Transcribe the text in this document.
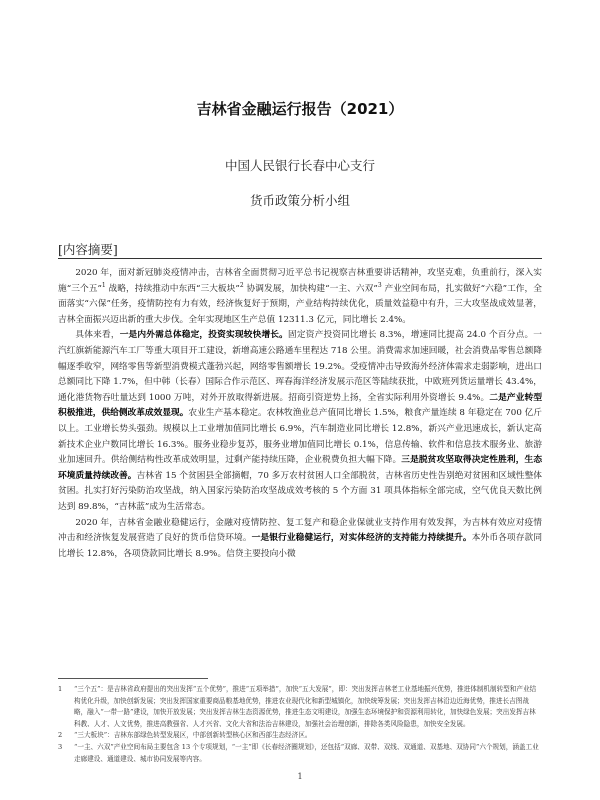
吉林省金融运行报告（2021）
中国人民银行长春中心支行
货币政策分析小组
[内容摘要]

2020 年，面对新冠肺炎疫情冲击，吉林省全面贯彻习近平总书记视察吉林重要讲话精神，攻坚克难，负重前行，深入实施“三个五”$^1$ 战略，持续推动中东西“三大板块”$^2$ 协调发展，加快构建“一主、六双”$^3$ 产业空间布局，扎实做好“六稳”工作，全面落实“六保”任务，疫情防控有力有效，经济恢复好于预期，产业结构持续优化，质量效益稳中有升，三大攻坚战成效显著，吉林全面振兴迈出新的重大步伐。全年实现地区生产总值 12311.3 亿元，同比增长 2.4%。

具体来看，一是内外需总体稳定，投资实现较快增长。固定资产投资同比增长 8.3%，增速同比提高 24.0 个百分点。一汽红旗新能源汽车工厂等重大项目开工建设，新增高速公路通车里程达 718 公里。消费需求加速回暖，社会消费品零售总额降幅逐季收窄，网络零售等新型消费模式蓬勃兴起，网络零售额增长 19.2%。受疫情冲击导致海外经济体需求走弱影响，进出口总额同比下降 1.7%，但中韩（长春）国际合作示范区、珲春海洋经济发展示范区等陆续获批，中欧班列货运量增长 43.4%，通化港货物吞吐量达到 1000 万吨，对外开放取得新进展。招商引资逆势上扬，全省实际利用外资增长 9.4%。二是产业转型积极推进，供给侧改革成效显现。农业生产基本稳定。农林牧渔业总产值同比增长 1.5%，粮食产量连续 8 年稳定在 700 亿斤以上。工业增长势头强劲。规模以上工业增加值同比增长 6.9%，汽车制造业同比增长 12.8%，新兴产业迅速成长，新认定高新技术企业户数同比增长 16.3%。服务业稳步复苏，服务业增加值同比增长 0.1%，信息传输、软件和信息技术服务业、旅游业加速回升。供给侧结构性改革成效明显，过剩产能持续压降，企业税费负担大幅下降。三是脱贫攻坚取得决定性胜利，生态环境质量持续改善。吉林省 15 个贫困县全部摘帽，70 多万农村贫困人口全部脱贫，吉林省历史性告别绝对贫困和区域性整体贫困。扎实打好污染防治攻坚战，纳入国家污染防治攻坚战成效考核的 5 个方面 31 项具体指标全部完成，空气优良天数比例达到 89.8%，“吉林蓝”成为生活常态。

2020 年，吉林省金融业稳健运行，金融对疫情防控、复工复产和稳企业保就业支持作用有效发挥，为吉林有效应对疫情冲击和经济恢复发展营造了良好的货币信贷环境。一是银行业稳健运行，对实体经济的支持能力持续提升。本外币各项存款同比增长 12.8%，各项贷款同比增长 8.9%。信贷主要投向小微

1	“三个五”：是吉林省政府提出的突出发挥“五个优势”，推进“五项举措”，加快“五大发展”，即：突出发挥吉林老工业基地振兴优势，推进体制机制转型和产业结构优化升级，加快创新发展；突出发挥国家重要商品粮基地优势，推进农业现代化和新型城镇化，加快统筹发展；突出发挥吉林沿边近海优势，推进长吉图战略，融入“一带一路”建设，加快开放发展；突出发挥吉林生态资源优势，推进生态文明建设，加强生态环境保护和资源利用转化，加快绿色发展；突出发挥吉林科教、人才、人文优势，推进高教强省、人才兴省、文化大省和法治吉林建设，加强社会治理创新，排除各类风险隐患，加快安全发展。
2	“三大板块”：吉林东部绿色转型发展区，中部创新转型核心区和西部生态经济区。
3	“一主、六双”产业空间布局主要包含 13 个专项规划，“一主”即《长春经济圈规划》，还包括“双廊、双带、双线、双通道、双基地、双协同”六个规划，涵盖工业走廊建设、通道建设、城市协同发展等内容。
1
